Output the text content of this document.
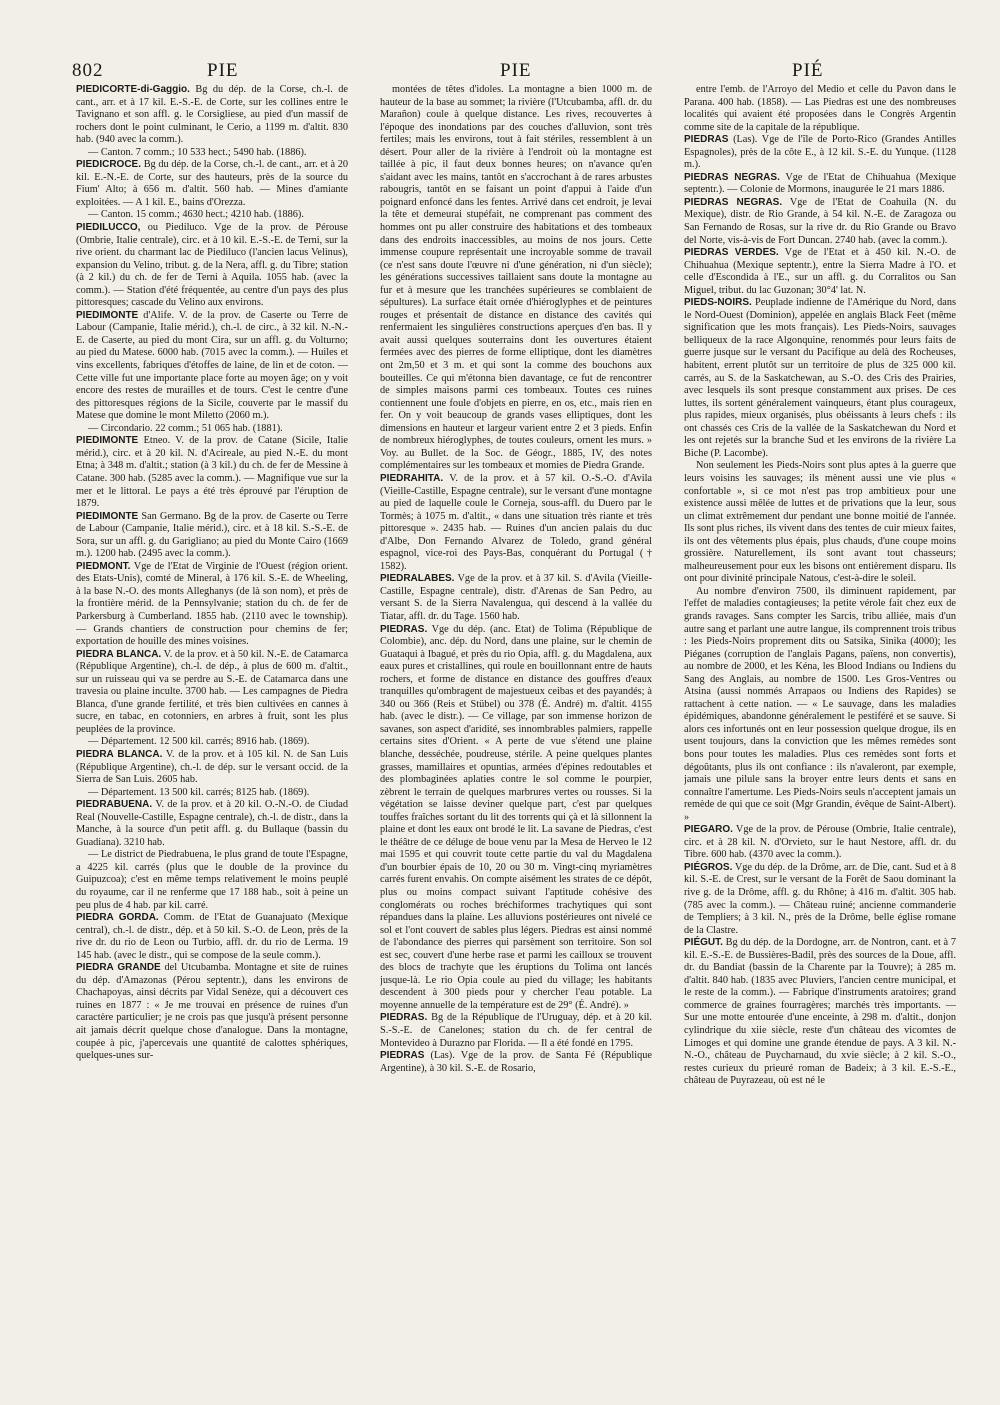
802	PIE	PIE	PIÉ

PIEDICORTE-di-Gaggio. Bg du dép. de la Corse, ch.-l. de cant., arr. et à 17 kil. E.-S.-E. de Corte, sur les collines entre le Tavignano et son affl. g. le Corsigliese, au pied d'un massif de rochers dont le point culminant, le Cerio, a 1199 m. d'altit. 830 hab. (940 avec la comm.).

— Canton. 7 comm.; 10 533 hect.; 5490 hab. (1886).

PIEDICROCE. Bg du dép. de la Corse, ch.-l. de cant., arr. et à 20 kil. E.-N.-E. de Corte, sur des hauteurs, près de la source du Fium' Alto; à 656 m. d'altit. 560 hab. — Mines d'amiante exploitées. — A 1 kil. E., bains d'Orezza.

— Canton. 15 comm.; 4630 hect.; 4210 hab. (1886).

PIEDILUCCO, ou Piediluco. Vge de la prov. de Pérouse (Ombrie, Italie centrale), circ. et à 10 kil. E.-S.-E. de Terni, sur la rive orient. du charmant lac de Piediluco (l'ancien lacus Velinus), expansion du Velino, tribut. g. de la Nera, affl. g. du Tibre; station (à 2 kil.) du ch. de fer de Terni à Aquila. 1055 hab. (avec la comm.). — Station d'été fréquentée, au centre d'un pays des plus pittoresques; cascade du Velino aux environs.

PIEDIMONTE d'Alife. V. de la prov. de Caserte ou Terre de Labour (Campanie, Italie mérid.), ch.-l. de circ., à 32 kil. N.-N.-E. de Caserte, au pied du mont Cira, sur un affl. g. du Volturno; au pied du Matese. 6000 hab. (7015 avec la comm.). — Huiles et vins excellents, fabriques d'étoffes de laine, de lin et de coton. — Cette ville fut une importante place forte au moyen âge; on y voit encore des restes de murailles et de tours. C'est le centre d'une des pittoresques régions de la Sicile, couverte par le massif du Matese que domine le mont Miletto (2060 m.).

— Circondario. 22 comm.; 51 065 hab. (1881).

PIEDIMONTE Etneo. V. de la prov. de Catane (Sicile, Italie mérid.), circ. et à 20 kil. N. d'Acireale, au pied N.-E. du mont Etna; à 348 m. d'altit.; station (à 3 kil.) du ch. de fer de Messine à Catane. 300 hab. (5285 avec la comm.). — Magnifique vue sur la mer et le littoral. Le pays a été très éprouvé par l'éruption de 1879.

PIEDIMONTE San Germano. Bg de la prov. de Caserte ou Terre de Labour (Campanie, Italie mérid.), circ. et à 18 kil. S.-S.-E. de Sora, sur un affl. g. du Garigliano; au pied du Monte Cairo (1669 m.). 1200 hab. (2495 avec la comm.).

PIEDMONT. Vge de l'Etat de Virginie de l'Ouest (région orient. des Etats-Unis), comté de Mineral, à 176 kil. S.-E. de Wheeling, à la base N.-O. des monts Alleghanys (de là son nom), et près de la frontière mérid. de la Pennsylvanie; station du ch. de fer de Parkersburg à Cumberland. 1855 hab. (2110 avec le township). — Grands chantiers de construction pour chemins de fer; exportation de houille des mines voisines.

PIEDRA BLANCA. V. de la prov. et à 50 kil. N.-E. de Catamarca (République Argentine), ch.-l. de dép., à plus de 600 m. d'altit., sur un ruisseau qui va se perdre au S.-E. de Catamarca dans une travesia ou plaine inculte. 3700 hab. — Les campagnes de Piedra Blanca, d'une grande fertilité, et très bien cultivées en cannes à sucre, en tabac, en cotonniers, en arbres à fruit, sont les plus peuplées de la province.

— Département. 12 500 kil. carrés; 8916 hab. (1869).

PIEDRA BLANCA. V. de la prov. et à 105 kil. N. de San Luis (République Argentine), ch.-l. de dép. sur le versant occid. de la Sierra de San Luis. 2605 hab.

— Département. 13 500 kil. carrés; 8125 hab. (1869).

PIEDRABUENA. V. de la prov. et à 20 kil. O.-N.-O. de Ciudad Real (Nouvelle-Castille, Espagne centrale), ch.-l. de distr., dans la Manche, à la source d'un petit affl. g. du Bullaque (bassin du Guadiana). 3210 hab.

— Le district de Piedrabuena, le plus grand de toute l'Espagne, a 4225 kil. carrés (plus que le double de la province du Guipuzcoa); c'est en même temps relativement le moins peuplé du royaume, car il ne renferme que 17 188 hab., soit à peine un peu plus de 4 hab. par kil. carré.

PIEDRA GORDA. Comm. de l'Etat de Guanajuato (Mexique central), ch.-l. de distr., dép. et à 50 kil. S.-O. de Leon, près de la rive dr. du rio de Leon ou Turbio, affl. dr. du rio de Lerma. 19 145 hab. (avec le distr., qui se compose de la seule comm.).

PIEDRA GRANDE del Utcubamba. Montagne et site de ruines du dép. d'Amazonas (Pérou septentr.), dans les environs de Chachapoyas, ainsi décrits par Vidal Senèze, qui a découvert ces ruines en 1877 : « Je me trouvai en présence de ruines d'un caractère particulier; je ne crois pas que jusqu'à présent personne ait jamais décrit quelque chose d'analogue. Dans la montagne, coupée à pic, j'apercevais une quantité de calottes sphériques, quelques-unes sur-

montées de têtes d'idoles. La montagne a bien 1000 m. de hauteur de la base au sommet; la rivière (l'Utcubamba, affl. dr. du Marañon) coule à quelque distance. Les rives, recouvertes à l'époque des inondations par des couches d'alluvion, sont très fertiles; mais les environs, tout à fait stériles, ressemblent à un désert. Pour aller de la rivière à l'endroit où la montagne est taillée à pic, il faut deux bonnes heures; on n'avance qu'en s'aidant avec les mains, tantôt en s'accrochant à de rares arbustes rabougris, tantôt en se faisant un point d'appui à l'aide d'un poignard enfoncé dans les fentes. Arrivé dans cet endroit, je levai la tête et demeurai stupéfait, ne comprenant pas comment des hommes ont pu aller construire des habitations et des tombeaux dans des endroits inaccessibles, au moins de nos jours. Cette immense coupure représentait une incroyable somme de travail (ce n'est sans doute l'œuvre ni d'une génération, ni d'un siècle); les générations successives taillaient sans doute la montagne au fur et à mesure que les tranchées supérieures se comblaient de sépultures). La surface était ornée d'hiéroglyphes et de peintures rouges et présentait de distance en distance des cavités qui renfermaient les singulières constructions aperçues d'en bas. Il y avait aussi quelques souterrains dont les ouvertures étaient fermées avec des pierres de forme elliptique, dont les diamètres ont 2m,50 et 3 m. et qui sont la comme des bouchons aux bouteilles. Ce qui m'étonna bien davantage, ce fut de rencontrer de simples maisons parmi ces tombeaux. Toutes ces ruines contiennent une foule d'objets en pierre, en os, etc., mais rien en fer. On y voit beaucoup de grands vases elliptiques, dont les dimensions en hauteur et largeur varient entre 2 et 3 pieds. Enfin de nombreux hiéroglyphes, de toutes couleurs, ornent les murs. » Voy. au Bullet. de la Soc. de Géogr., 1885, IV, des notes complémentaires sur les tombeaux et momies de Piedra Grande.

PIEDRAHITA. V. de la prov. et à 57 kil. O.-S.-O. d'Avila (Vieille-Castille, Espagne centrale), sur le versant d'une montagne au pied de laquelle coule le Corneja, sous-affl. du Duero par le Tormès; à 1075 m. d'altit., « dans une situation très riante et très pittoresque ». 2435 hab. — Ruines d'un ancien palais du duc d'Albe, Don Fernando Alvarez de Toledo, grand général espagnol, vice-roi des Pays-Bas, conquérant du Portugal († 1582).

PIEDRALABES. Vge de la prov. et à 37 kil. S. d'Avila (Vieille-Castille, Espagne centrale), distr. d'Arenas de San Pedro, au versant S. de la Sierra Navalengua, qui descend à la vallée du Tiatar, affl. dr. du Tage. 1560 hab.

PIEDRAS. Vge du dép. (anc. Etat) de Tolima (République de Colombie), anc. dép. du Nord, dans une plaine, sur le chemin de Guataqui à Ibagué, et près du rio Opia, affl. g. du Magdalena, aux eaux pures et cristallines, qui roule en bouillonnant entre de hauts rochers, et forme de distance en distance des gouffres d'eaux tranquilles qu'ombragent de majestueux ceibas et des payandés; à 340 ou 366 (Reis et Stübel) ou 378 (É. André) m. d'altit. 4155 hab. (avec le distr.). — Ce village, par son immense horizon de savanes, son aspect d'aridité, ses innombrables palmiers, rappelle certains sites d'Orient. « A perte de vue s'étend une plaine blanche, desséchée, poudreuse, stérile. A peine quelques plantes grasses, mamillaires et opuntias, armées d'épines redoutables et des plombaginées aplaties contre le sol comme le pourpier, zèbrent le terrain de quelques marbrures vertes ou rousses. Si la végétation se laisse deviner quelque part, c'est par quelques touffes fraîches sortant du lit des torrents qui çà et là sillonnent la plaine et dont les eaux ont brodé le lit. La savane de Piedras, c'est le théâtre de ce déluge de boue venu par la Mesa de Herveo le 12 mai 1595 et qui couvrit toute cette partie du val du Magdalena d'un bourbier épais de 10, 20 ou 30 m. Vingt-cinq myriamètres carrés furent envahis. On compte aisément les strates de ce dépôt, plus ou moins compact suivant l'aptitude cohésive des conglomérats ou roches bréchiformes trachytiques qui sont répandues dans la plaine. Les alluvions postérieures ont nivelé ce sol et l'ont couvert de sables plus légers. Piedras est ainsi nommé de l'abondance des pierres qui parsèment son territoire. Son sol est sec, couvert d'une herbe rase et parmi les cailloux se trouvent des blocs de trachyte que les éruptions du Tolima ont lancés jusque-là. Le rio Opia coule au pied du village; les habitants descendent à 300 pieds pour y chercher l'eau potable. La moyenne annuelle de la température est de 29° (É. André). »

PIEDRAS. Bg de la République de l'Uruguay, dép. et à 20 kil. S.-S.-E. de Canelones; station du ch. de fer central de Montevideo à Durazno par Florida. — Il a été fondé en 1795.

PIEDRAS (Las). Vge de la prov. de Santa Fé (République Argentine), à 30 kil. S.-E. de Rosario,

entre l'emb. de l'Arroyo del Medio et celle du Pavon dans le Parana. 400 hab. (1858). — Las Piedras est une des nombreuses localités qui avaient été proposées dans le Congrès Argentin comme site de la capitale de la république.

PIEDRAS (Las). Vge de l'île de Porto-Rico (Grandes Antilles Espagnoles), près de la côte E., à 12 kil. S.-E. du Yunque. (1128 m.).

PIEDRAS NEGRAS. Vge de l'Etat de Chihuahua (Mexique septentr.). — Colonie de Mormons, inaugurée le 21 mars 1886.

PIEDRAS NEGRAS. Vge de l'Etat de Coahuila (N. du Mexique), distr. de Rio Grande, à 54 kil. N.-E. de Zaragoza ou San Fernando de Rosas, sur la rive dr. du Rio Grande ou Bravo del Norte, vis-à-vis de Fort Duncan. 2740 hab. (avec la comm.).

PIEDRAS VERDES. Vge de l'Etat et à 450 kil. N.-O. de Chihuahua (Mexique septentr.), entre la Sierra Madre à l'O. et celle d'Escondida à l'E., sur un affl. g. du Corralitos ou San Miguel, tribut. du lac Guzonan; 30°4' lat. N.

PIEDS-NOIRS. Peuplade indienne de l'Amérique du Nord, dans le Nord-Ouest (Dominion), appelée en anglais Black Feet (même signification que les mots français). Les Pieds-Noirs, sauvages belliqueux de la race Algonquine, renommés pour leurs faits de guerre jusque sur le versant du Pacifique au delà des Rocheuses, habitent, errent plutôt sur un territoire de plus de 325 000 kil. carrés, au S. de la Saskatchewan, au S.-O. des Cris des Prairies, avec lesquels ils sont presque constamment aux prises. De ces luttes, ils sortent généralement vainqueurs, étant plus courageux, plus rapides, mieux organisés, plus obéissants à leurs chefs : ils ont chassés ces Cris de la vallée de la Saskatchewan du Nord et les ont rejetés sur la branche Sud et les environs de la rivière La Biche (P. Lacombe).

Non seulement les Pieds-Noirs sont plus aptes à la guerre que leurs voisins les sauvages; ils mènent aussi une vie plus « confortable », si ce mot n'est pas trop ambitieux pour une existence aussi mêlée de luttes et de privations que la leur, sous un climat extrêmement dur pendant une bonne moitié de l'année. Ils sont plus riches, ils vivent dans des tentes de cuir mieux faites, ils ont des vêtements plus épais, plus chauds, d'une coupe moins grossière. Naturellement, ils sont avant tout chasseurs; malheureusement pour eux les bisons ont entièrement disparu. Ils ont pour divinité principale Natous, c'est-à-dire le soleil.

Au nombre d'environ 7500, ils diminuent rapidement, par l'effet de maladies contagieuses; la petite vérole fait chez eux de grands ravages. Sans compter les Sarcis, tribu alliée, mais d'un autre sang et parlant une autre langue, ils comprennent trois tribus : les Pieds-Noirs proprement dits ou Satsika, Sinika (4000); les Piéganes (corruption de l'anglais Pagans, païens, non convertis), au nombre de 2000, et les Kéna, les Blood Indians ou Indiens du Sang des Anglais, au nombre de 1500. Les Gros-Ventres ou Atsina (aussi nommés Arrapaos ou Indiens des Rapides) se rattachent à cette nation. — « Le sauvage, dans les maladies épidémiques, abandonne généralement le pestiféré et se sauve. Si alors ces infortunés ont en leur possession quelque drogue, ils en usent toujours, dans la conviction que les mêmes remèdes sont bons pour toutes les maladies. Plus ces remèdes sont forts et dégoûtants, plus ils ont confiance : ils n'avaleront, par exemple, jamais une pilule sans la broyer entre leurs dents et sans en connaître l'amertume. Les Pieds-Noirs seuls n'acceptent jamais un remède de qui que ce soit (Mgr Grandin, évêque de Saint-Albert). »

PIEGARO. Vge de la prov. de Pérouse (Ombrie, Italie centrale), circ. et à 28 kil. N. d'Orvieto, sur le haut Nestore, affl. dr. du Tibre. 600 hab. (4370 avec la comm.).

PIÉGROS. Vge du dép. de la Drôme, arr. de Die, cant. Sud et à 8 kil. S.-E. de Crest, sur le versant de la Forêt de Saou dominant la rive g. de la Drôme, affl. g. du Rhône; à 416 m. d'altit. 305 hab. (785 avec la comm.). — Château ruiné; ancienne commanderie de Templiers; à 3 kil. N., près de la Drôme, belle église romane de la Clastre.

PIÉGUT. Bg du dép. de la Dordogne, arr. de Nontron, cant. et à 7 kil. E.-S.-E. de Bussières-Badil, près des sources de la Doue, affl. dr. du Bandiat (bassin de la Charente par la Touvre); à 285 m. d'altit. 840 hab. (1835 avec Pluviers, l'ancien centre municipal, et le reste de la comm.). — Fabrique d'instruments aratoires; grand commerce de graines fourragères; marchés très importants. — Sur une motte entourée d'une enceinte, à 298 m. d'altit., donjon cylindrique du xiie siècle, reste d'un château des vicomtes de Limoges et qui domine une grande étendue de pays. A 3 kil. N.-N.-O., château de Puycharnaud, du xvie siècle; à 2 kil. S.-O., restes curieux du prieuré roman de Badeix; à 3 kil. E.-S.-E., château de Puyrazeau, où est né le
